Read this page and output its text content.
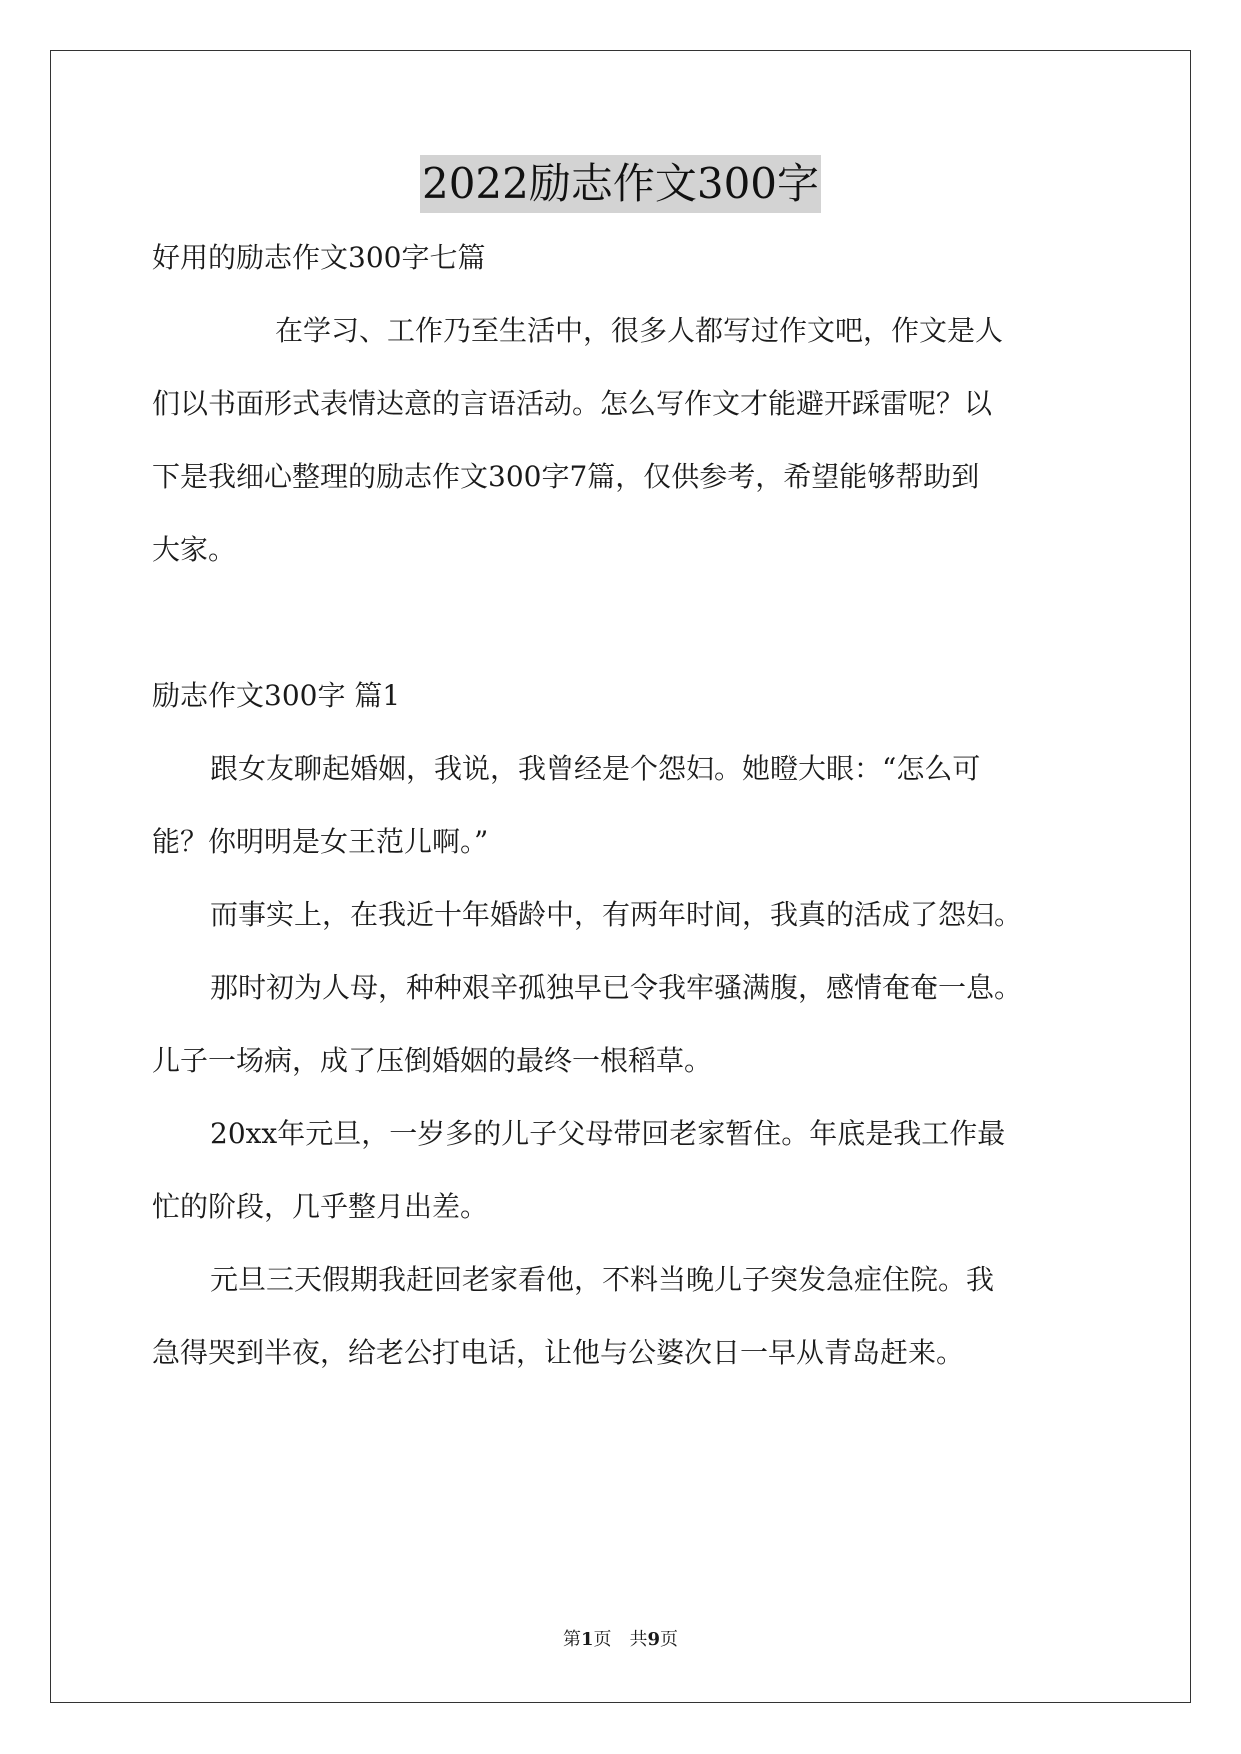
2022励志作文300字
好用的励志作文300字七篇
在学习、工作乃至生活中，很多人都写过作文吧，作文是人
们以书面形式表情达意的言语活动。怎么写作文才能避开踩雷呢？以
下是我细心整理的励志作文300字7篇，仅供参考，希望能够帮助到
大家。
励志作文300字 篇1
跟女友聊起婚姻，我说，我曾经是个怨妇。她瞪大眼：“怎么可
能？你明明是女王范儿啊。”
而事实上，在我近十年婚龄中，有两年时间，我真的活成了怨妇。
那时初为人母，种种艰辛孤独早已令我牢骚满腹，感情奄奄一息。
儿子一场病，成了压倒婚姻的最终一根稻草。
20xx年元旦，一岁多的儿子父母带回老家暂住。年底是我工作最
忙的阶段，几乎整月出差。
元旦三天假期我赶回老家看他，不料当晚儿子突发急症住院。我
急得哭到半夜，给老公打电话，让他与公婆次日一早从青岛赶来。
第1页 共9页
